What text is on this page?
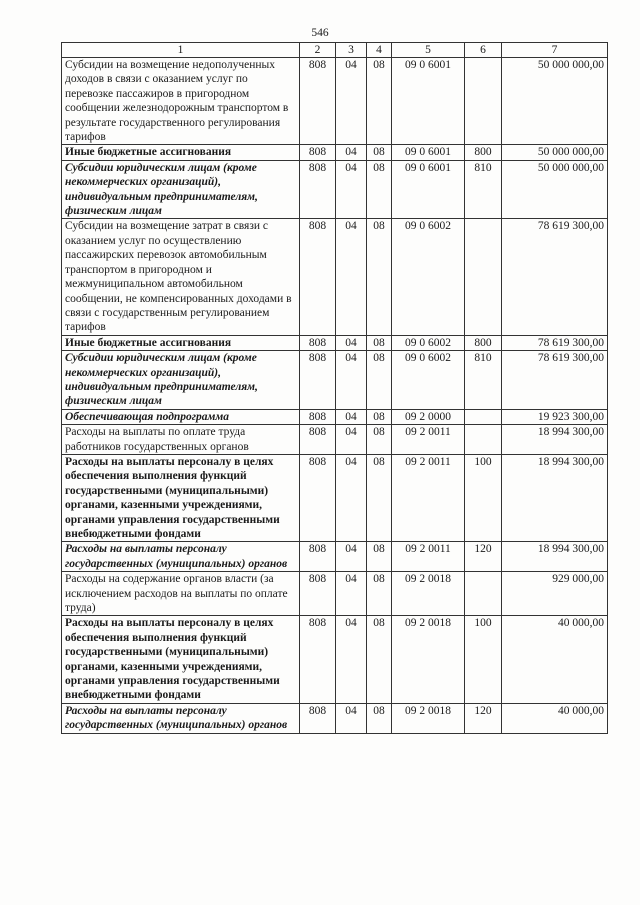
546
1	2	3	4	5	6	7
Субсидии на возмещение недополученных доходов в связи с оказанием услуг по перевозке пассажиров в пригородном сообщении железнодорожным транспортом в результате государственного регулирования тарифов	808	04	08	09 0 6001		50 000 000,00
Иные бюджетные ассигнования	808	04	08	09 0 6001	800	50 000 000,00
Субсидии юридическим лицам (кроме некоммерческих организаций), индивидуальным предпринимателям, физическим лицам	808	04	08	09 0 6001	810	50 000 000,00
Субсидии на возмещение затрат в связи с оказанием услуг по осуществлению пассажирских перевозок автомобильным транспортом в пригородном и межмуниципальном автомобильном сообщении, не компенсированных доходами в связи с государственным регулированием тарифов	808	04	08	09 0 6002		78 619 300,00
Иные бюджетные ассигнования	808	04	08	09 0 6002	800	78 619 300,00
Субсидии юридическим лицам (кроме некоммерческих организаций), индивидуальным предпринимателям, физическим лицам	808	04	08	09 0 6002	810	78 619 300,00
Обеспечивающая подпрограмма	808	04	08	09 2 0000		19 923 300,00
Расходы на выплаты по оплате труда работников государственных органов	808	04	08	09 2 0011		18 994 300,00
Расходы на выплаты персоналу в целях обеспечения выполнения функций государственными (муниципальными) органами, казенными учреждениями, органами управления государственными внебюджетными фондами	808	04	08	09 2 0011	100	18 994 300,00
Расходы на выплаты персоналу государственных (муниципальных) органов	808	04	08	09 2 0011	120	18 994 300,00
Расходы на содержание органов власти (за исключением расходов на выплаты по оплате труда)	808	04	08	09 2 0018		929 000,00
Расходы на выплаты персоналу в целях обеспечения выполнения функций государственными (муниципальными) органами, казенными учреждениями, органами управления государственными внебюджетными фондами	808	04	08	09 2 0018	100	40 000,00
Расходы на выплаты персоналу государственных (муниципальных) органов	808	04	08	09 2 0018	120	40 000,00
